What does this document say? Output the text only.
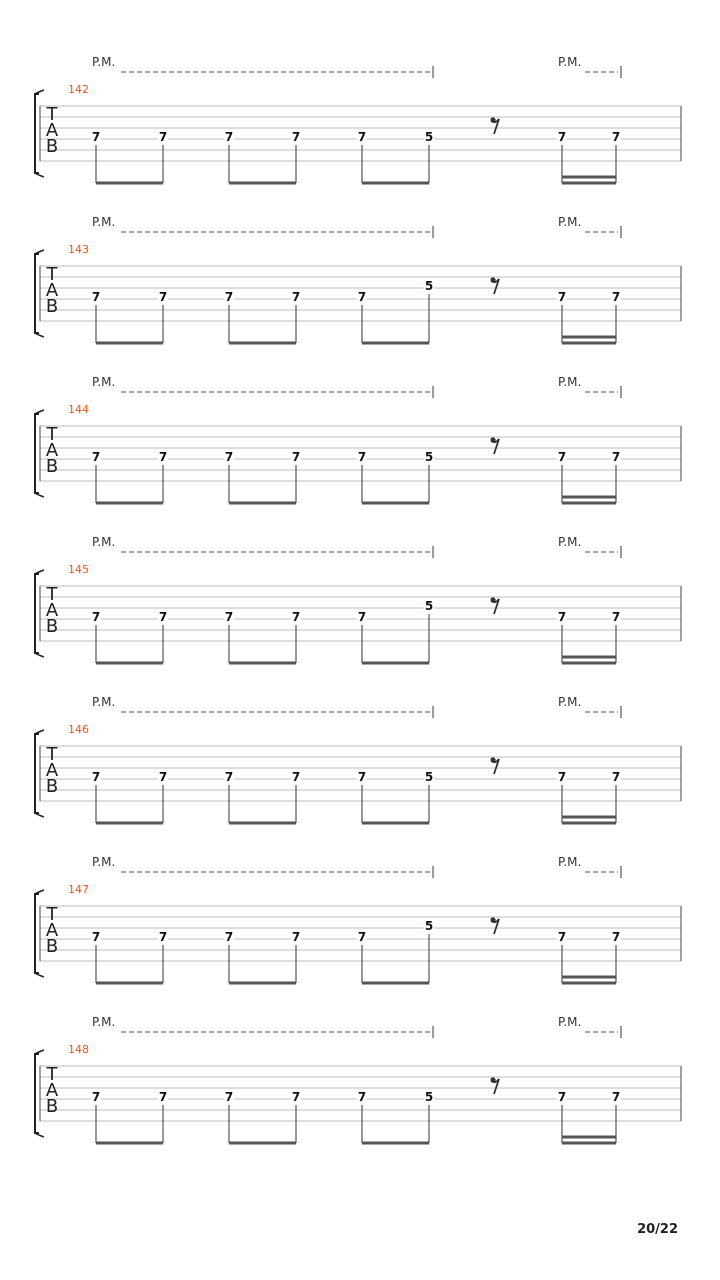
P.M.	P.M.
142
T
A
B	7	7	7	7	7	5	7	7
P.M.	P.M.
143
T
A
B	7	7	7	7	7
5
7	7
P.M.	P.M.
144
T
A
B	7	7	7	7	7	5	7	7
P.M.	P.M.
145
T
A
B	7	7	7	7	7
5
7	7
P.M.	P.M.
146
T
A
B	7	7	7	7	7	5	7	7
P.M.	P.M.
147
T
A
B	7	7	7	7	7
5
7	7
P.M.	P.M.
148
T
A
B	7	7	7	7	7	5	7	7
20/22
